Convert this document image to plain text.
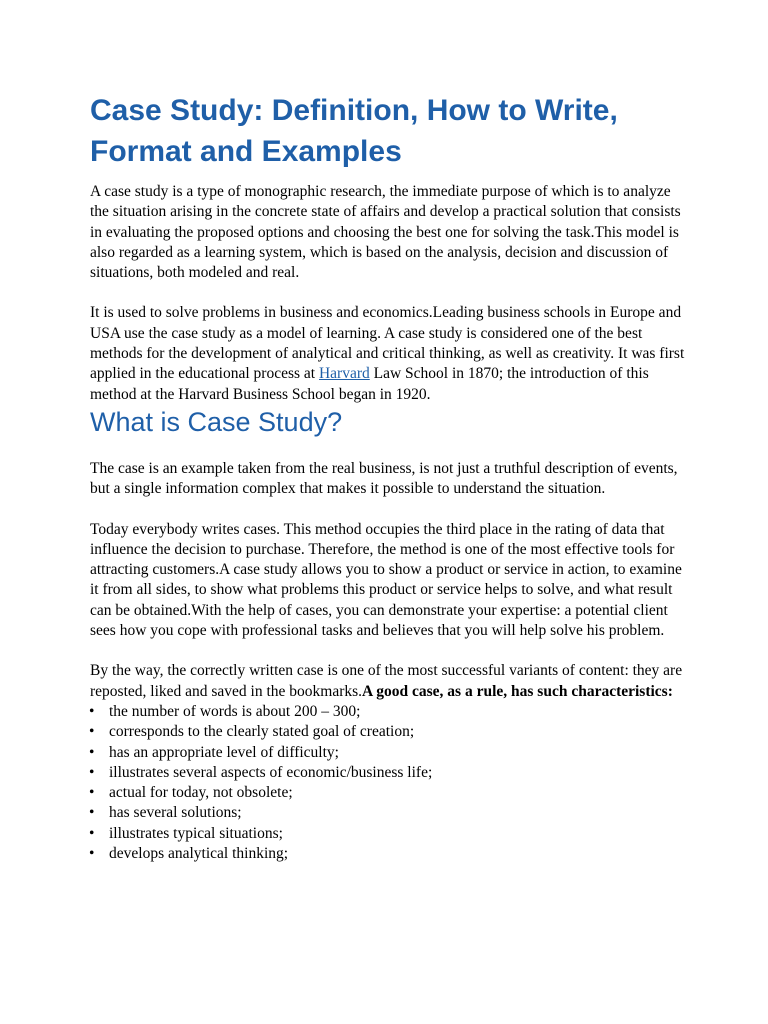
Case Study: Definition, How to Write, Format and Examples

A case study is a type of monographic research, the immediate purpose of which is to analyze the situation arising in the concrete state of affairs and develop a practical solution that consists in evaluating the proposed options and choosing the best one for solving the task.This model is also regarded as a learning system, which is based on the analysis, decision and discussion of situations, both modeled and real.

It is used to solve problems in business and economics.Leading business schools in Europe and USA use the case study as a model of learning. A case study is considered one of the best methods for the development of analytical and critical thinking, as well as creativity. It was first applied in the educational process at Harvard Law School in 1870; the introduction of this method at the Harvard Business School began in 1920.

What is Case Study?

The case is an example taken from the real business, is not just a truthful description of events, but a single information complex that makes it possible to understand the situation.

Today everybody writes cases. This method occupies the third place in the rating of data that influence the decision to purchase. Therefore, the method is one of the most effective tools for attracting customers.A case study allows you to show a product or service in action, to examine it from all sides, to show what problems this product or service helps to solve, and what result can be obtained.With the help of cases, you can demonstrate your expertise: a potential client sees how you cope with professional tasks and believes that you will help solve his problem.

By the way, the correctly written case is one of the most successful variants of content: they are reposted, liked and saved in the bookmarks.A good case, as a rule, has such characteristics:

• the number of words is about 200 – 300;
• corresponds to the clearly stated goal of creation;
• has an appropriate level of difficulty;
• illustrates several aspects of economic/business life;
• actual for today, not obsolete;
• has several solutions;
• illustrates typical situations;
• develops analytical thinking;
